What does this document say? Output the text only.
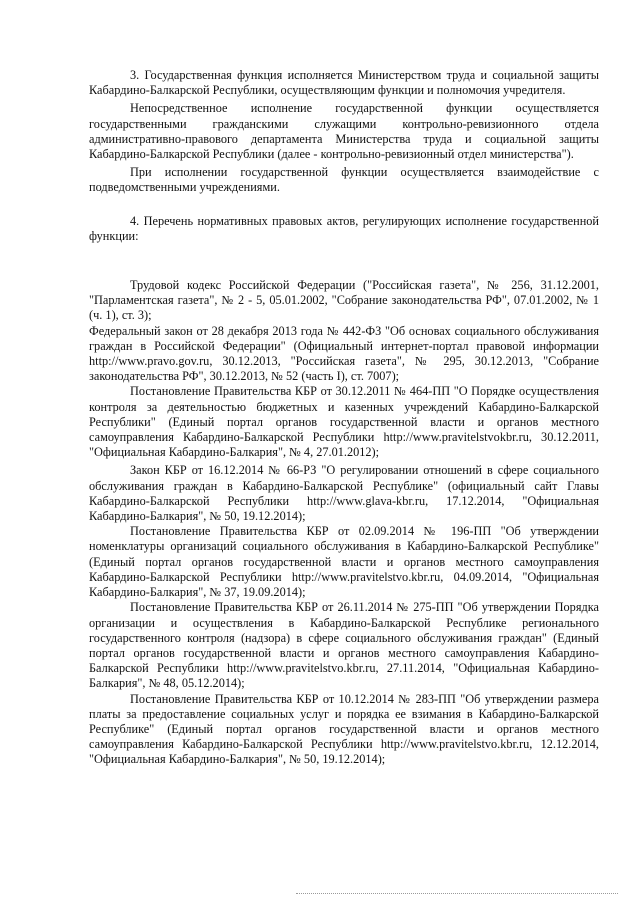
3. Государственная функция исполняется Министерством труда и социальной защиты Кабардино-Балкарской Республики, осуществляющим функции и полномочия учредителя.

Непосредственное исполнение государственной функции осуществляется государственными гражданскими служащими контрольно-ревизионного отдела административно-правового департамента Министерства труда и социальной защиты Кабардино-Балкарской Республики (далее - контрольно-ревизионный отдел министерства").

При исполнении государственной функции осуществляется взаимодействие с подведомственными учреждениями.

4. Перечень нормативных правовых актов, регулирующих исполнение государственной функции:

Трудовой кодекс Российской Федерации ("Российская газета", № 256, 31.12.2001, "Парламентская газета", № 2 - 5, 05.01.2002, "Собрание законодательства РФ", 07.01.2002, № 1 (ч. 1), ст. 3);

Федеральный закон от 28 декабря 2013 года № 442-ФЗ "Об основах социального обслуживания граждан в Российской Федерации" (Официальный интернет-портал правовой информации http://www.pravo.gov.ru, 30.12.2013, "Российская газета", № 295, 30.12.2013, "Собрание законодательства РФ", 30.12.2013, № 52 (часть I), ст. 7007);

Постановление Правительства КБР от 30.12.2011 № 464-ПП "О Порядке осуществления контроля за деятельностью бюджетных и казенных учреждений Кабардино-Балкарской Республики" (Единый портал органов государственной власти и органов местного самоуправления Кабардино-Балкарской Республики http://www.pravitelstvokbr.ru, 30.12.2011, "Официальная Кабардино-Балкария", № 4, 27.01.2012);

Закон КБР от 16.12.2014 № 66-РЗ "О регулировании отношений в сфере социального обслуживания граждан в Кабардино-Балкарской Республике" (официальный сайт Главы Кабардино-Балкарской Республики http://www.glava-kbr.ru, 17.12.2014, "Официальная Кабардино-Балкария", № 50, 19.12.2014);

Постановление Правительства КБР от 02.09.2014 № 196-ПП "Об утверждении номенклатуры организаций социального обслуживания в Кабардино-Балкарской Республике" (Единый портал органов государственной власти и органов местного самоуправления Кабардино-Балкарской Республики http://www.pravitelstvo.kbr.ru, 04.09.2014, "Официальная Кабардино-Балкария", № 37, 19.09.2014);

Постановление Правительства КБР от 26.11.2014 № 275-ПП "Об утверждении Порядка организации и осуществления в Кабардино-Балкарской Республике регионального государственного контроля (надзора) в сфере социального обслуживания граждан" (Единый портал органов государственной власти и органов местного самоуправления Кабардино-Балкарской Республики http://www.pravitelstvo.kbr.ru, 27.11.2014, "Официальная Кабардино-Балкария", № 48, 05.12.2014);

Постановление Правительства КБР от 10.12.2014 № 283-ПП "Об утверждении размера платы за предоставление социальных услуг и порядка ее взимания в Кабардино-Балкарской Республике" (Единый портал органов государственной власти и органов местного самоуправления Кабардино-Балкарской Республики http://www.pravitelstvo.kbr.ru, 12.12.2014, "Официальная Кабардино-Балкария", № 50, 19.12.2014);
